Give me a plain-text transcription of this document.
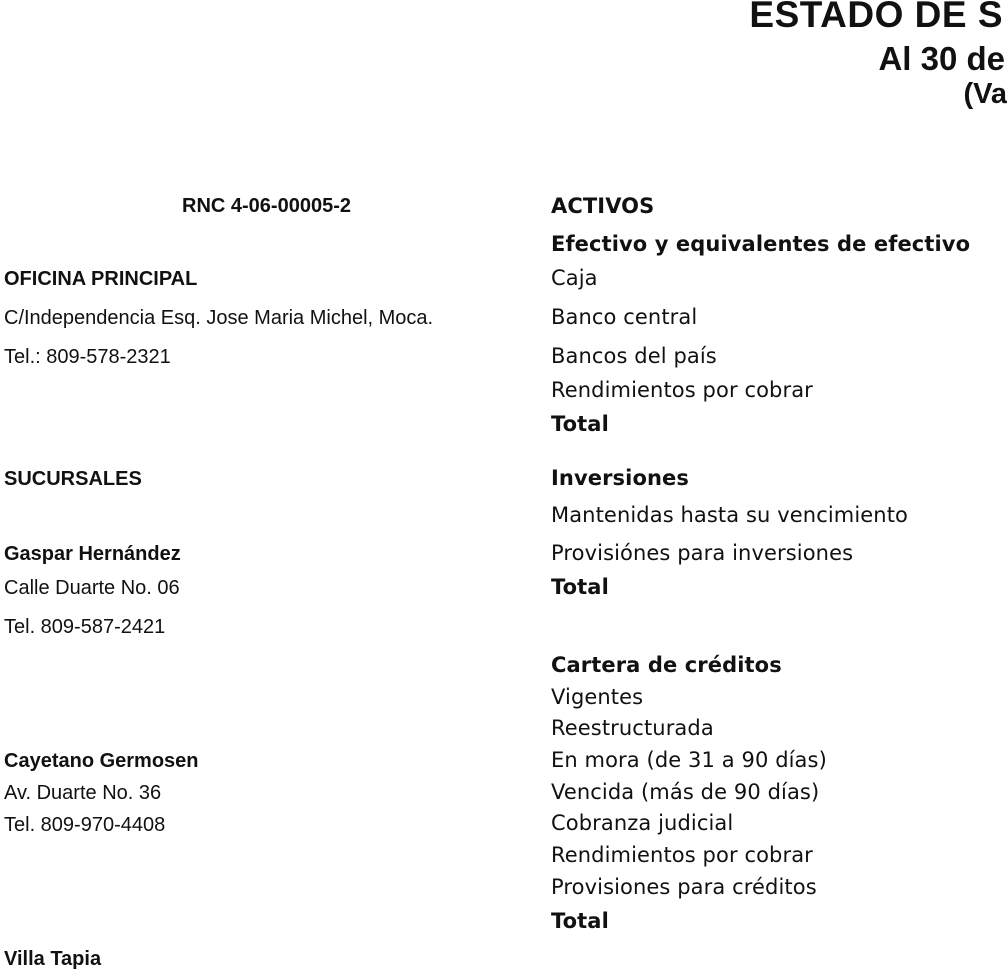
ESTADO DE S
Al 30 de
(Va
RNC 4-06-00005-2
OFICINA PRINCIPAL
C/Independencia Esq. Jose Maria Michel, Moca.
Tel.: 809-578-2321
SUCURSALES
Gaspar Hernández
Calle Duarte No. 06
Tel. 809-587-2421
Cayetano Germosen
Av. Duarte No. 36
Tel. 809-970-4408
Villa Tapia
ACTIVOS
Efectivo y equivalentes de efectivo
Caja
Banco central
Bancos del país
Rendimientos por cobrar
Total
Inversiones
Mantenidas hasta su vencimiento
Provisiónes para inversiones
Total
Cartera de créditos
Vigentes
Reestructurada
En mora (de 31 a 90 días)
Vencida (más de 90 días)
Cobranza judicial
Rendimientos por cobrar
Provisiones para créditos
Total
